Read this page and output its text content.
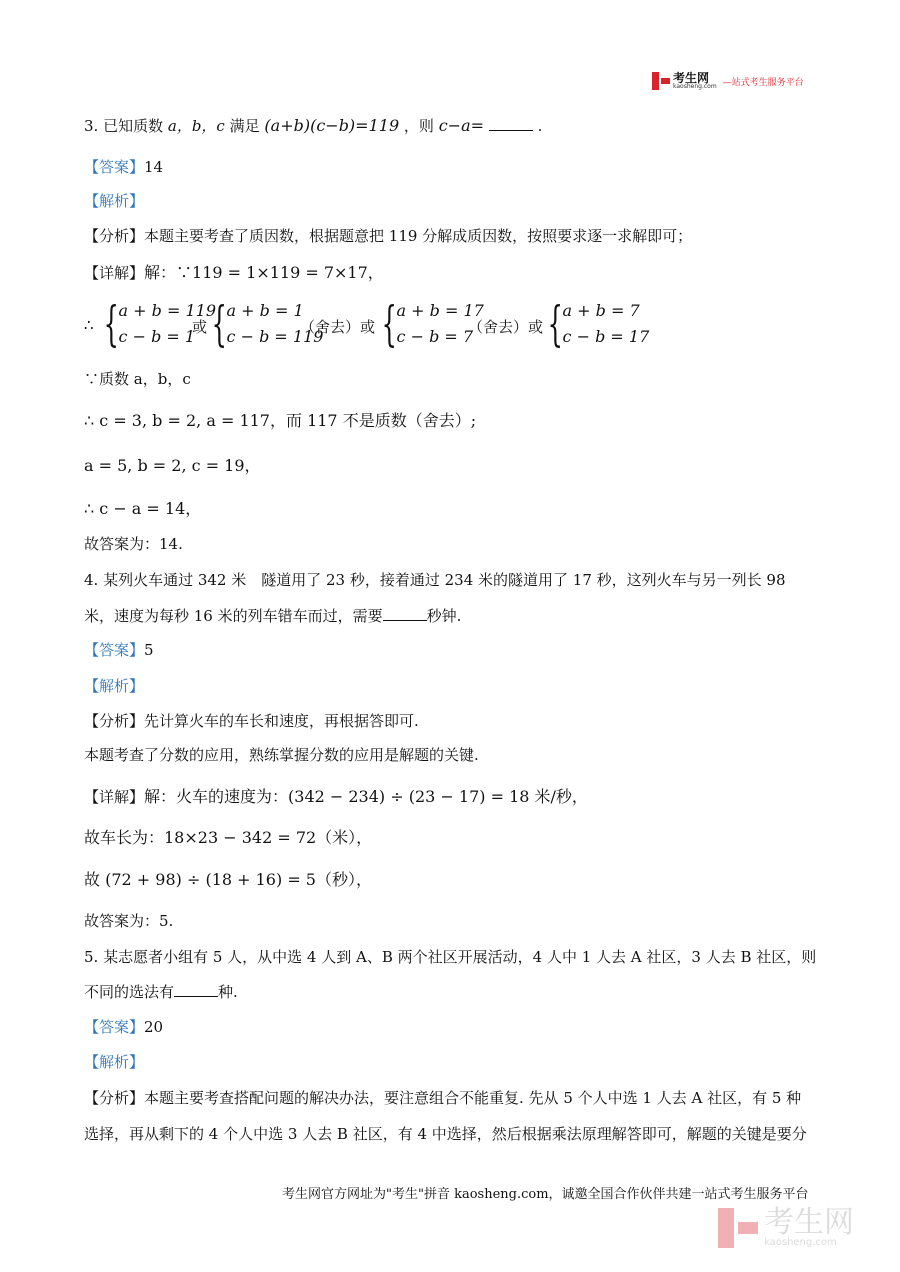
考生网
kaosheng.com —站式考生服务平台
3. 已知质数 a，b，c 满足 (a+b)(c−b)=119 ，则 c−a=	.
【答案】14
【解析】
【分析】本题主要考查了质因数，根据题意把 119 分解成质因数，按照要求逐一求解即可；
【详解】解：∵119 = 1×119 = 7×17，
∴ { a + b = 119
c − b = 1
或 { a + b = 1
c − b = 119
（舍去）或 { a + b = 17
c − b = 7
（舍去）或 { a + b = 7
c − b = 17
∵质数 a，b，c
∴ c = 3, b = 2, a = 117，而 117 不是质数（舍去）;
a = 5, b = 2, c = 19，
∴ c − a = 14，
故答案为：14.
4. 某列火车通过 342 米　隧道用了 23 秒，接着通过 234 米的隧道用了 17 秒，这列火车与另一列长 98
米，速度为每秒 16 米的列车错车而过，需要	秒钟.
【答案】5
【解析】
【分析】先计算火车的车长和速度，再根据答即可.
本题考查了分数的应用，熟练掌握分数的应用是解题的关键.
【详解】解：火车的速度为：(342 − 234) ÷ (23 − 17) = 18 米/秒，
故车长为：18×23 − 342 = 72（米），
故 (72 + 98) ÷ (18 + 16) = 5（秒），
故答案为：5.
5. 某志愿者小组有 5 人，从中选 4 人到 A、B 两个社区开展活动，4 人中 1 人去 A 社区，3 人去 B 社区，则
不同的选法有	种.
【答案】20
【解析】
【分析】本题主要考查搭配问题的解决办法，要注意组合不能重复. 先从 5 个人中选 1 人去 A 社区，有 5 种
选择，再从剩下的 4 个人中选 3 人去 B 社区，有 4 中选择，然后根据乘法原理解答即可，解题的关键是要分
考生网官方网址为"考生"拼音 kaosheng.com，诚邀全国合作伙伴共建一站式考生服务平台
考生网
kaosheng.com
